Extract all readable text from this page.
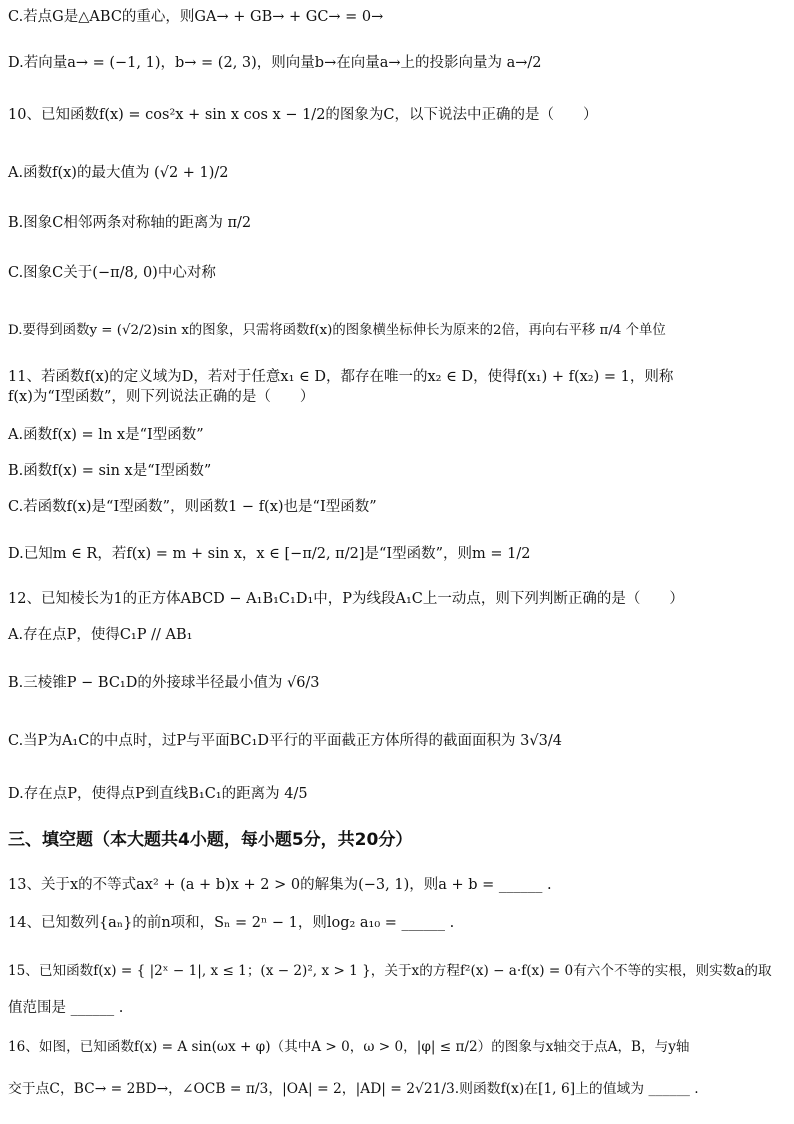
C.若点G是△ABC的重心，则GA→ + GB→ + GC→ = 0→
D.若向量a→ = (−1, 1)，b→ = (2, 3)，则向量b→在向量a→上的投影向量为 a→/2
10、已知函数f(x) = cos²x + sin x cos x − 1/2的图象为C，以下说法中正确的是（　　）
A.函数f(x)的最大值为 (√2 + 1)/2
B.图象C相邻两条对称轴的距离为 π/2
C.图象C关于(−π/8, 0)中心对称
D.要得到函数y = (√2/2)sin x的图象，只需将函数f(x)的图象横坐标伸长为原来的2倍，再向右平移 π/4 个单位
11、若函数f(x)的定义域为D，若对于任意x₁ ∈ D，都存在唯一的x₂ ∈ D，使得f(x₁) + f(x₂) = 1，则称
f(x)为“I型函数”，则下列说法正确的是（　　）
A.函数f(x) = ln x是“I型函数”
B.函数f(x) = sin x是“I型函数”
C.若函数f(x)是“I型函数”，则函数1 − f(x)也是“I型函数”
D.已知m ∈ R，若f(x) = m + sin x，x ∈ [−π/2, π/2]是“I型函数”，则m = 1/2
12、已知棱长为1的正方体ABCD − A₁B₁C₁D₁中，P为线段A₁C上一动点，则下列判断正确的是（　　）
A.存在点P，使得C₁P // AB₁
B.三棱锥P − BC₁D的外接球半径最小值为 √6/3
C.当P为A₁C的中点时，过P与平面BC₁D平行的平面截正方体所得的截面面积为 3√3/4
D.存在点P，使得点P到直线B₁C₁的距离为 4/5
三、填空题（本大题共4小题，每小题5分，共20分）
13、关于x的不等式ax² + (a + b)x + 2 > 0的解集为(−3, 1)，则a + b = ______ .
14、已知数列{aₙ}的前n项和，Sₙ = 2ⁿ − 1，则log₂ a₁₀ = ______ .
15、已知函数f(x) = { |2ˣ − 1|, x ≤ 1；(x − 2)², x > 1 }，关于x的方程f²(x) − a·f(x) = 0有六个不等的实根，则实数a的取
值范围是 ______ .
16、如图，已知函数f(x) = A sin(ωx + φ)（其中A > 0，ω > 0，|φ| ≤ π/2）的图象与x轴交于点A，B，与y轴
交于点C，BC→ = 2BD→，∠OCB = π/3，|OA| = 2，|AD| = 2√21/3.则函数f(x)在[1, 6]上的值域为 ______ .
